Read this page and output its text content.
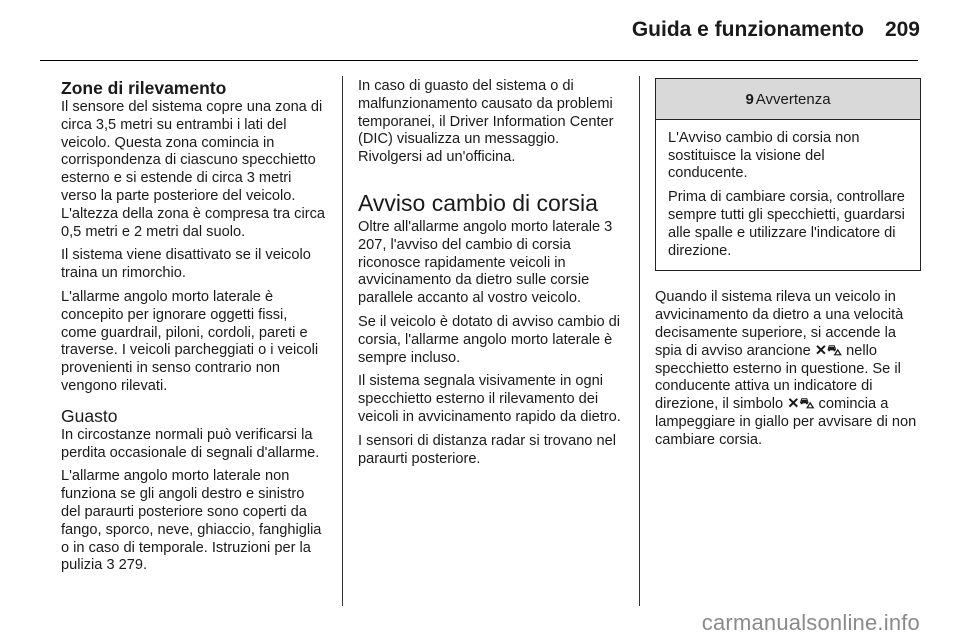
Guida e funzionamento 209
Zone di rilevamento

Il sensore del sistema copre una zona di circa 3,5 metri su entrambi i lati del veicolo. Questa zona comincia in corrispondenza di ciascuno specchietto esterno e si estende di circa 3 metri verso la parte posteriore del veicolo. L'altezza della zona è compresa tra circa 0,5 metri e 2 metri dal suolo.

Il sistema viene disattivato se il veicolo traina un rimorchio.

L'allarme angolo morto laterale è concepito per ignorare oggetti fissi, come guardrail, piloni, cordoli, pareti e traverse. I veicoli parcheggiati o i veicoli provenienti in senso contrario non vengono rilevati.

Guasto

In circostanze normali può verificarsi la perdita occasionale di segnali d'allarme.

L'allarme angolo morto laterale non funziona se gli angoli destro e sinistro del paraurti posteriore sono coperti da fango, sporco, neve, ghiaccio, fanghiglia o in caso di temporale. Istruzioni per la pulizia 3 279.

In caso di guasto del sistema o di malfunzionamento causato da problemi temporanei, il Driver Information Center (DIC) visualizza un messaggio. Rivolgersi ad un'officina.

Avviso cambio di corsia

Oltre all'allarme angolo morto laterale 3 207, l'avviso del cambio di corsia riconosce rapidamente veicoli in avvicinamento da dietro sulle corsie parallele accanto al vostro veicolo.

Se il veicolo è dotato di avviso cambio di corsia, l'allarme angolo morto laterale è sempre incluso.

Il sistema segnala visivamente in ogni specchietto esterno il rilevamento dei veicoli in avvicinamento rapido da dietro.

I sensori di distanza radar si trovano nel paraurti posteriore.

9 Avvertenza

L'Avviso cambio di corsia non sostituisce la visione del conducente.

Prima di cambiare corsia, controllare sempre tutti gli specchietti, guardarsi alle spalle e utilizzare l'indicatore di direzione.

Quando il sistema rileva un veicolo in avvicinamento da dietro a una velocità decisamente superiore, si accende la spia di avviso arancione ✕⛍ nello specchietto esterno in questione. Se il conducente attiva un indicatore di direzione, il simbolo ✕⛍ comincia a lampeggiare in giallo per avvisare di non cambiare corsia.

carmanualsonline.info
